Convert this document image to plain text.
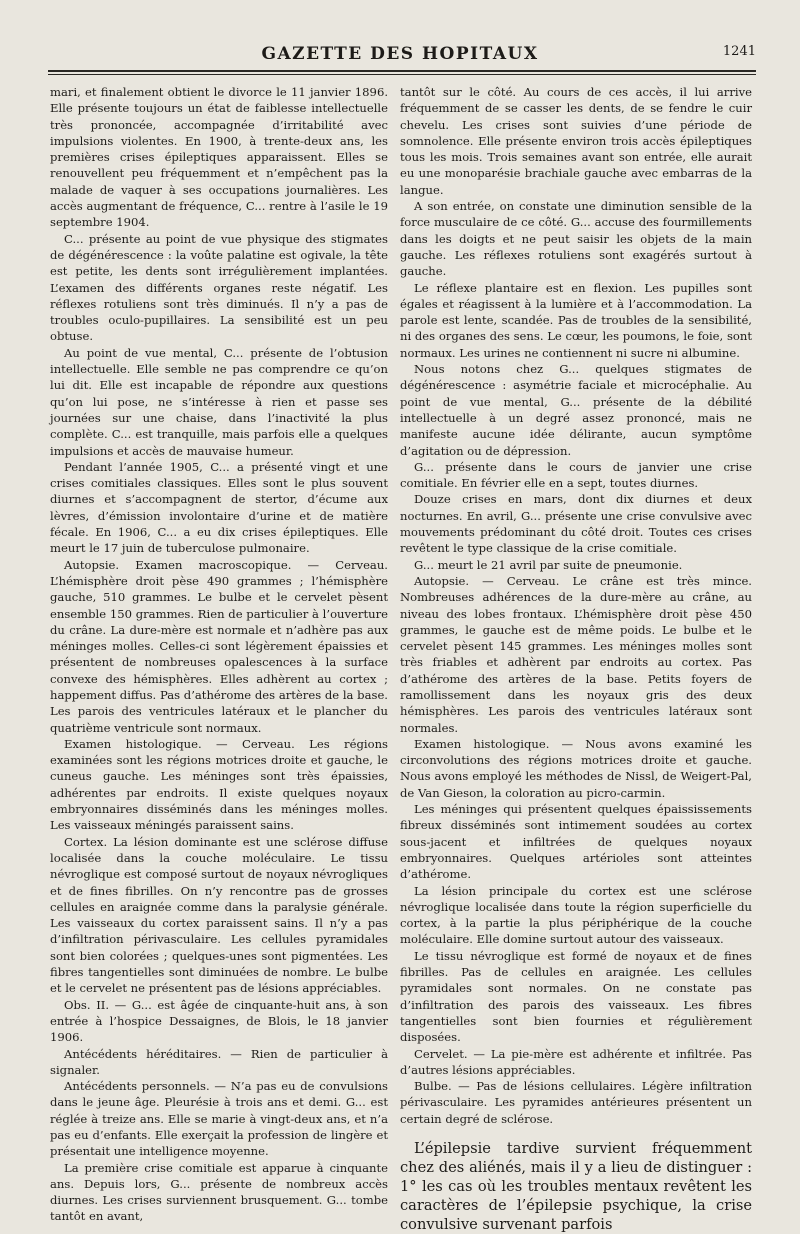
GAZETTE DES HOPITAUX	1241

mari, et finalement obtient le divorce le 11 janvier 1896. Elle présente toujours un état de faiblesse intellectuelle très prononcée, accompagnée d’irritabilité avec impulsions violentes. En 1900, à trente-deux ans, les premières crises épileptiques apparaissent. Elles se renouvellent peu fréquemment et n’empêchent pas la malade de vaquer à ses occupations journalières. Les accès augmentant de fréquence, C... rentre à l’asile le 19 septembre 1904.

C... présente au point de vue physique des stigmates de dégénérescence : la voûte palatine est ogivale, la tête est petite, les dents sont irrégulièrement implantées. L’examen des différents organes reste négatif. Les réflexes rotuliens sont très diminués. Il n’y a pas de troubles oculo-pupillaires. La sensibilité est un peu obtuse.

Au point de vue mental, C... présente de l’obtusion intellectuelle. Elle semble ne pas comprendre ce qu’on lui dit. Elle est incapable de répondre aux questions qu’on lui pose, ne s’intéresse à rien et passe ses journées sur une chaise, dans l’inactivité la plus complète. C... est tranquille, mais parfois elle a quelques impulsions et accès de mauvaise humeur.

Pendant l’année 1905, C... a présenté vingt et une crises comitiales classiques. Elles sont le plus souvent diurnes et s’accompagnent de stertor, d’écume aux lèvres, d’émission involontaire d’urine et de matière fécale. En 1906, C... a eu dix crises épileptiques. Elle meurt le 17 juin de tuberculose pulmonaire.

Autopsie. Examen macroscopique. — Cerveau. L’hémisphère droit pèse 490 grammes ; l’hémisphère gauche, 510 grammes. Le bulbe et le cervelet pèsent ensemble 150 grammes. Rien de particulier à l’ouverture du crâne. La dure-mère est normale et n’adhère pas aux méninges molles. Celles-ci sont légèrement épaissies et présentent de nombreuses opalescences à la surface convexe des hémisphères. Elles adhèrent au cortex ; happement diffus. Pas d’athérome des artères de la base. Les parois des ventricules latéraux et le plancher du quatrième ventricule sont normaux.

Examen histologique. — Cerveau. Les régions examinées sont les régions motrices droite et gauche, le cuneus gauche. Les méninges sont très épaissies, adhérentes par endroits. Il existe quelques noyaux embryonnaires disséminés dans les méninges molles. Les vaisseaux méningés paraissent sains.

Cortex. La lésion dominante est une sclérose diffuse localisée dans la couche moléculaire. Le tissu névroglique est composé surtout de noyaux névrogliques et de fines fibrilles. On n’y rencontre pas de grosses cellules en araignée comme dans la paralysie générale. Les vaisseaux du cortex paraissent sains. Il n’y a pas d’infiltration périvasculaire. Les cellules pyramidales sont bien colorées ; quelques-unes sont pigmentées. Les fibres tangentielles sont diminuées de nombre. Le bulbe et le cervelet ne présentent pas de lésions appréciables.

Obs. II. — G... est âgée de cinquante-huit ans, à son entrée à l’hospice Dessaignes, de Blois, le 18 janvier 1906.

Antécédents héréditaires. — Rien de particulier à signaler.

Antécédents personnels. — N’a pas eu de convulsions dans le jeune âge. Pleurésie à trois ans et demi. G... est réglée à treize ans. Elle se marie à vingt-deux ans, et n’a pas eu d’enfants. Elle exerçait la profession de lingère et présentait une intelligence moyenne.

La première crise comitiale est apparue à cinquante ans. Depuis lors, G... présente de nombreux accès diurnes. Les crises surviennent brusquement. G... tombe tantôt en avant,

tantôt sur le côté. Au cours de ces accès, il lui arrive fréquemment de se casser les dents, de se fendre le cuir chevelu. Les crises sont suivies d’une période de somnolence. Elle présente environ trois accès épileptiques tous les mois. Trois semaines avant son entrée, elle aurait eu une monoparésie brachiale gauche avec embarras de la langue.

A son entrée, on constate une diminution sensible de la force musculaire de ce côté. G... accuse des fourmillements dans les doigts et ne peut saisir les objets de la main gauche. Les réflexes rotuliens sont exagérés surtout à gauche.

Le réflexe plantaire est en flexion. Les pupilles sont égales et réagissent à la lumière et à l’accommodation. La parole est lente, scandée. Pas de troubles de la sensibilité, ni des organes des sens. Le cœur, les poumons, le foie, sont normaux. Les urines ne contiennent ni sucre ni albumine.

Nous notons chez G... quelques stigmates de dégénérescence : asymétrie faciale et microcéphalie. Au point de vue mental, G... présente de la débilité intellectuelle à un degré assez prononcé, mais ne manifeste aucune idée délirante, aucun symptôme d’agitation ou de dépression.

G... présente dans le cours de janvier une crise comitiale. En février elle en a sept, toutes diurnes.

Douze crises en mars, dont dix diurnes et deux nocturnes. En avril, G... présente une crise convulsive avec mouvements prédominant du côté droit. Toutes ces crises revêtent le type classique de la crise comitiale.

G... meurt le 21 avril par suite de pneumonie.

Autopsie. — Cerveau. Le crâne est très mince. Nombreuses adhérences de la dure-mère au crâne, au niveau des lobes frontaux. L’hémisphère droit pèse 450 grammes, le gauche est de même poids. Le bulbe et le cervelet pèsent 145 grammes. Les méninges molles sont très friables et adhèrent par endroits au cortex. Pas d’athérome des artères de la base. Petits foyers de ramollissement dans les noyaux gris des deux hémisphères. Les parois des ventricules latéraux sont normales.

Examen histologique. — Nous avons examiné les circonvolutions des régions motrices droite et gauche. Nous avons employé les méthodes de Nissl, de Weigert-Pal, de Van Gieson, la coloration au picro-carmin.

Les méninges qui présentent quelques épaississements fibreux disséminés sont intimement soudées au cortex sous-jacent et infiltrées de quelques noyaux embryonnaires. Quelques artérioles sont atteintes d’athérome.

La lésion principale du cortex est une sclérose névroglique localisée dans toute la région superficielle du cortex, à la partie la plus périphérique de la couche moléculaire. Elle domine surtout autour des vaisseaux.

Le tissu névroglique est formé de noyaux et de fines fibrilles. Pas de cellules en araignée. Les cellules pyramidales sont normales. On ne constate pas d’infiltration des parois des vaisseaux. Les fibres tangentielles sont bien fournies et régulièrement disposées.

Cervelet. — La pie-mère est adhérente et infiltrée. Pas d’autres lésions appréciables.

Bulbe. — Pas de lésions cellulaires. Légère infiltration périvasculaire. Les pyramides antérieures présentent un certain degré de sclérose.

L’épilepsie tardive survient fréquemment chez des aliénés, mais il y a lieu de distinguer : 1° les cas où les troubles mentaux revêtent les caractères de l’épilepsie psychique, la crise convulsive survenant parfois
